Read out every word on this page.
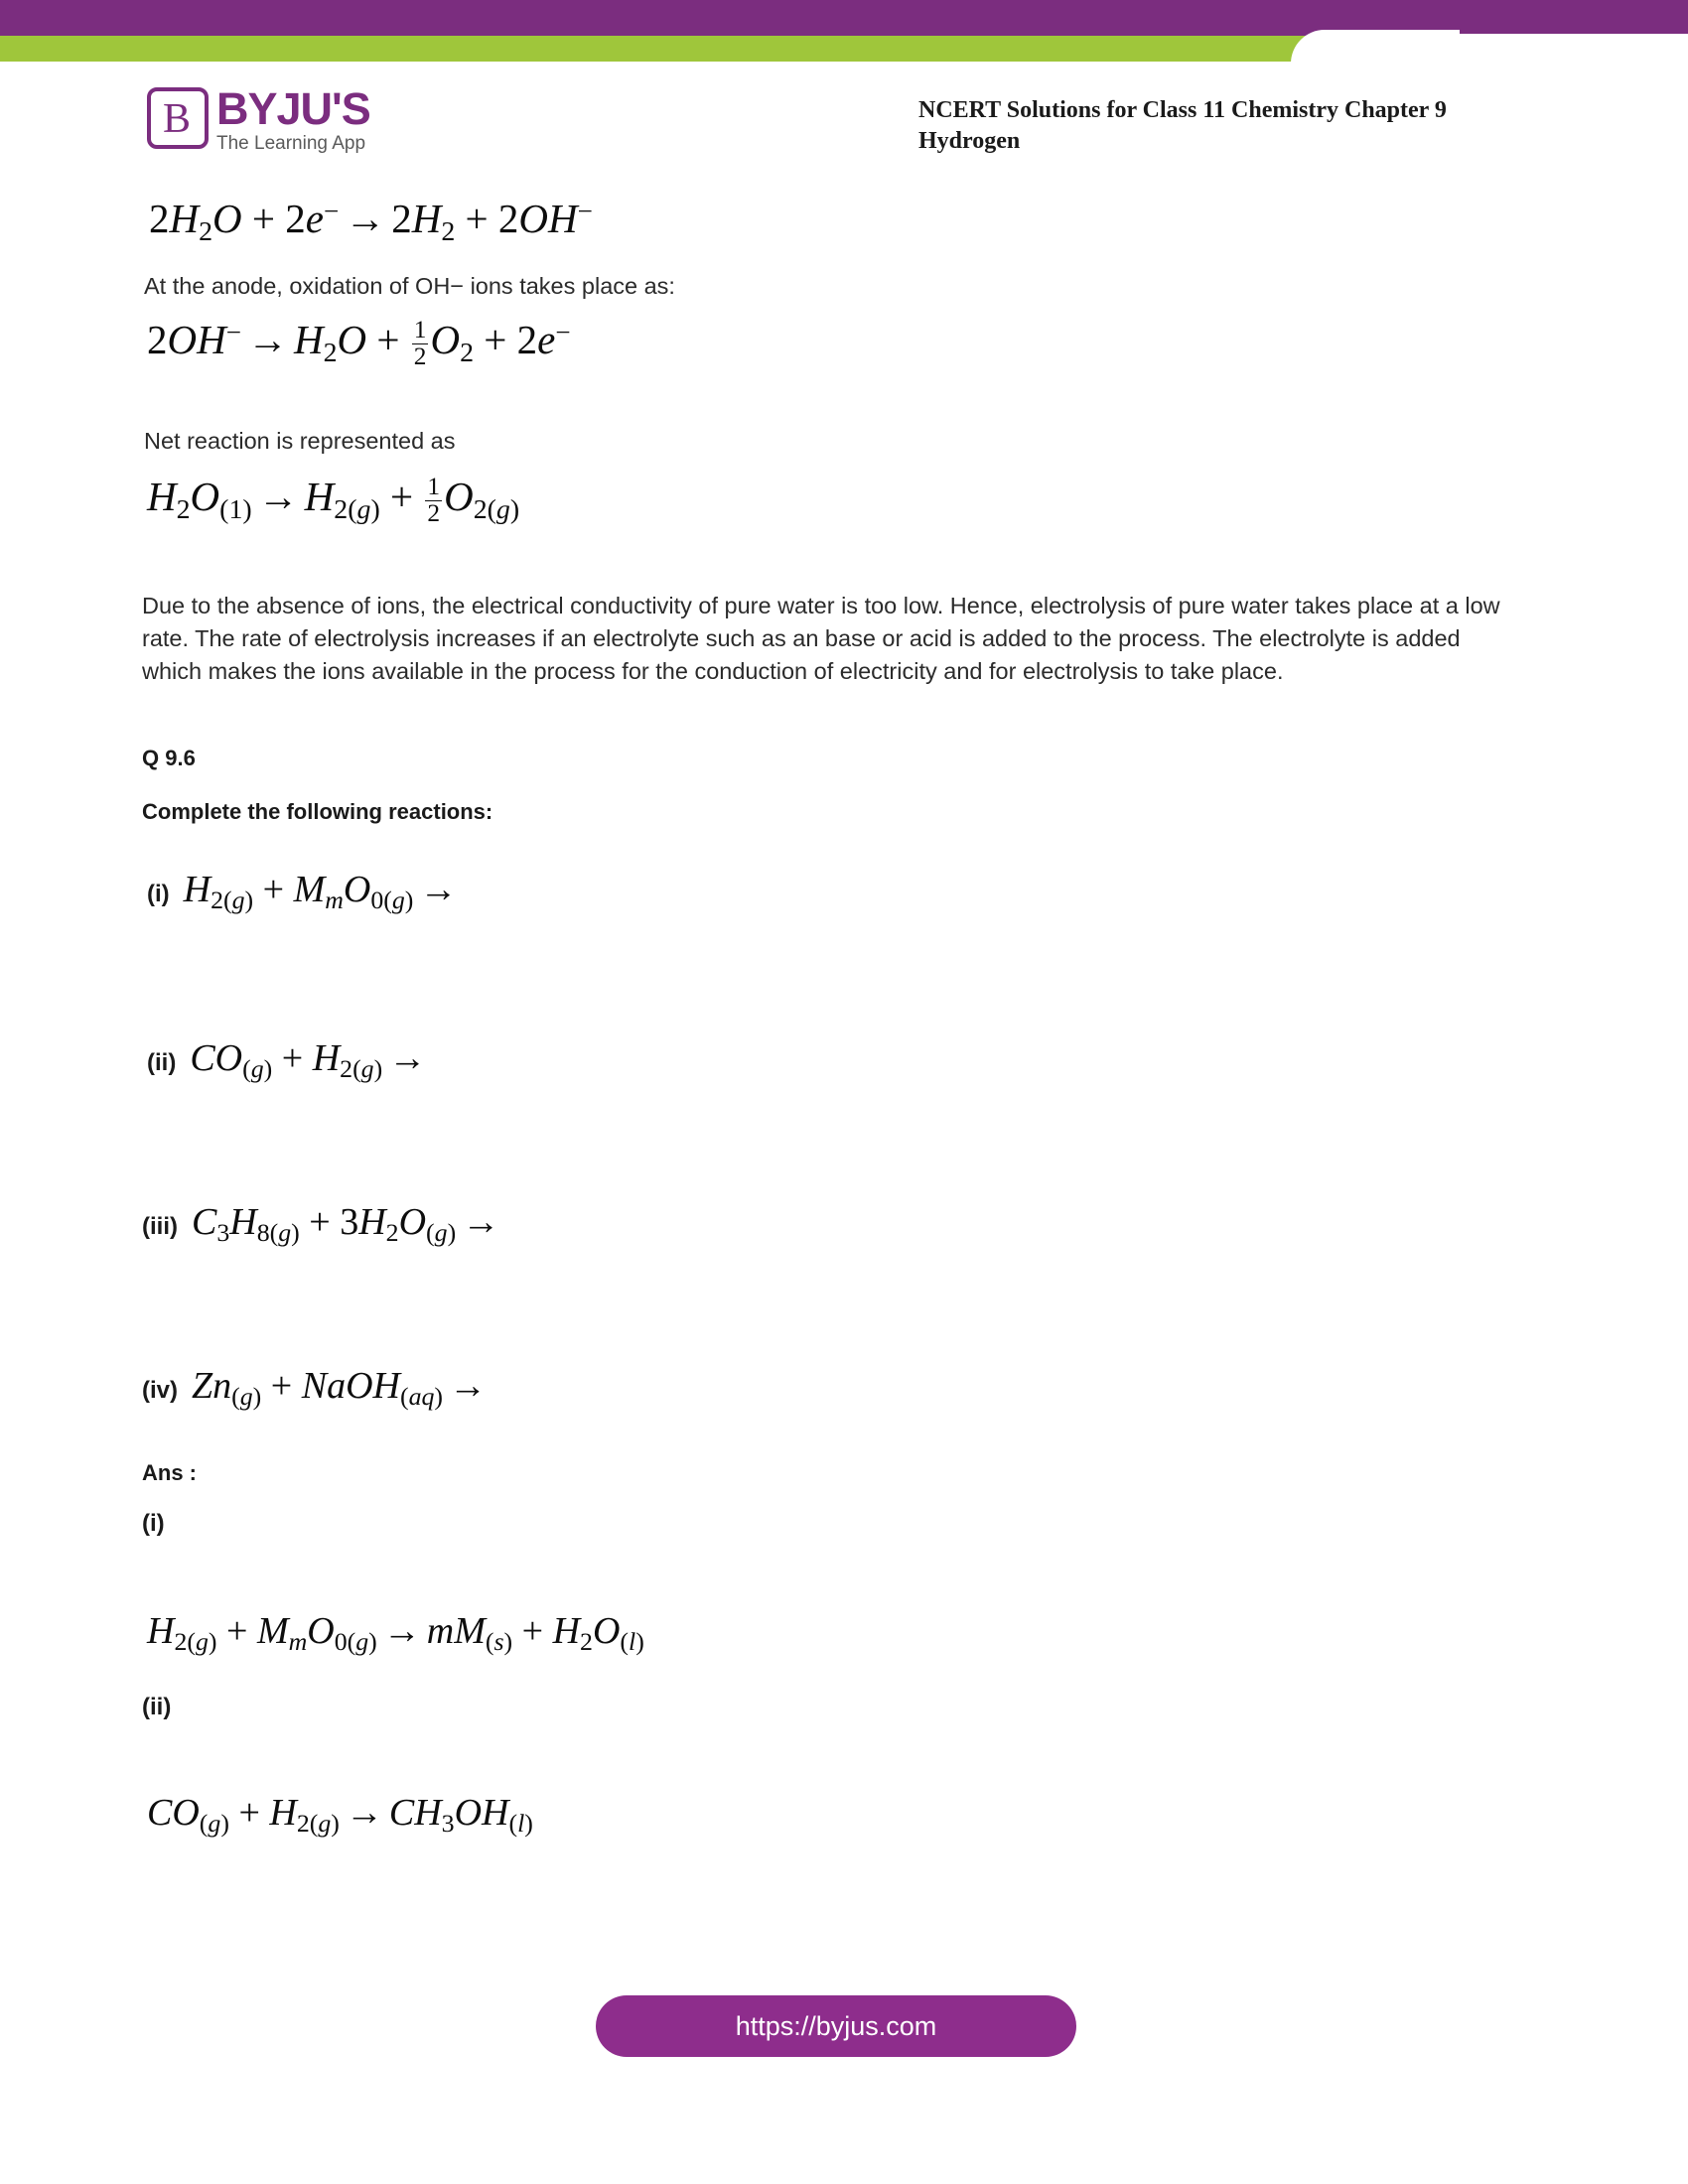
B BYJU'S
The Learning App
NCERT Solutions for Class 11 Chemistry Chapter 9
Hydrogen
$2H_2O + 2e^- \to 2H_2 + 2OH^-$
At the anode, oxidation of OH− ions takes place as:
$2OH^- \to H_2O + \frac{1}{2} O_2 + 2e^-$
Net reaction is represented as
$H_2O_{(1)} \to H_{2(g)} + \frac{1}{2} O_{2(g)}$
Due to the absence of ions, the electrical conductivity of pure water is too low. Hence, electrolysis of pure water takes place at a low rate. The rate of electrolysis increases if an electrolyte such as an base or acid is added to the process. The electrolyte is added which makes the ions available in the process for the conduction of electricity and for electrolysis to take place.
Q 9.6
Complete the following reactions:
(i) $H_{2(g)} + M_mO_{0(g)}$ →
(ii) $CO_{(g)} + H_{2(g)}$ →
(iii) $C_3H_{8(g)} + 3H_2O_{(g)}$ →
(iv) $Zn_{(g)}$ + NaOH$_{(aq)}$ →
Ans :
(i)
$H_{2(g)} + M_mO_{0(g)} \to mM_{(s)} + H_2O_{(l)}$
(ii)
$CO_{(g)} + H_{2(g)} \to CH_3OH_{(l)}$
https://byjus.com
